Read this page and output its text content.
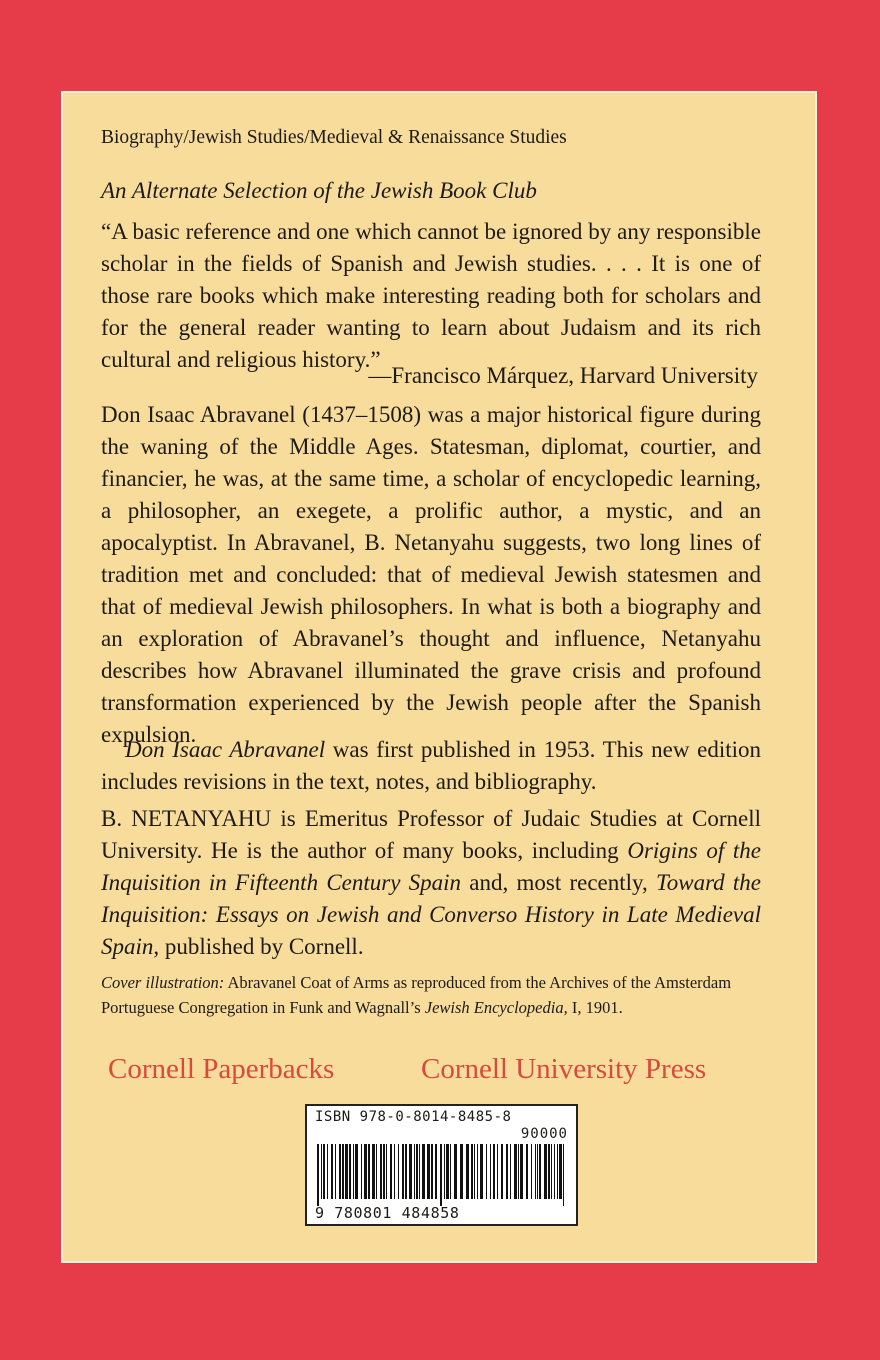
Biography/Jewish Studies/Medieval & Renaissance Studies

An Alternate Selection of the Jewish Book Club

“A basic reference and one which cannot be ignored by any responsible scholar in the fields of Spanish and Jewish studies. . . . It is one of those rare books which make interesting reading both for scholars and for the general reader wanting to learn about Judaism and its rich cultural and religious history.”

—Francisco Márquez, Harvard University

Don Isaac Abravanel (1437–1508) was a major historical figure during the waning of the Middle Ages. Statesman, diplomat, courtier, and financier, he was, at the same time, a scholar of encyclopedic learning, a philosopher, an exegete, a prolific author, a mystic, and an apocalyptist. In Abravanel, B. Netanyahu suggests, two long lines of tradition met and concluded: that of medieval Jewish statesmen and that of medieval Jewish philosophers. In what is both a biography and an exploration of Abravanel’s thought and influence, Netanyahu describes how Abravanel illuminated the grave crisis and profound transformation experienced by the Jewish people after the Spanish expulsion.

Don Isaac Abravanel was first published in 1953. This new edition includes revisions in the text, notes, and bibliography.

B. NETANYAHU is Emeritus Professor of Judaic Studies at Cornell University. He is the author of many books, including Origins of the Inquisition in Fifteenth Century Spain and, most recently, Toward the Inquisition: Essays on Jewish and Converso History in Late Medieval Spain, published by Cornell.

Cover illustration: Abravanel Coat of Arms as reproduced from the Archives of the Amsterdam Portuguese Congregation in Funk and Wagnall’s Jewish Encyclopedia, I, 1901.

Cornell Paperbacks	Cornell University Press
ISBN 978-0-8014-8485-8
90000
9 780801 484858
